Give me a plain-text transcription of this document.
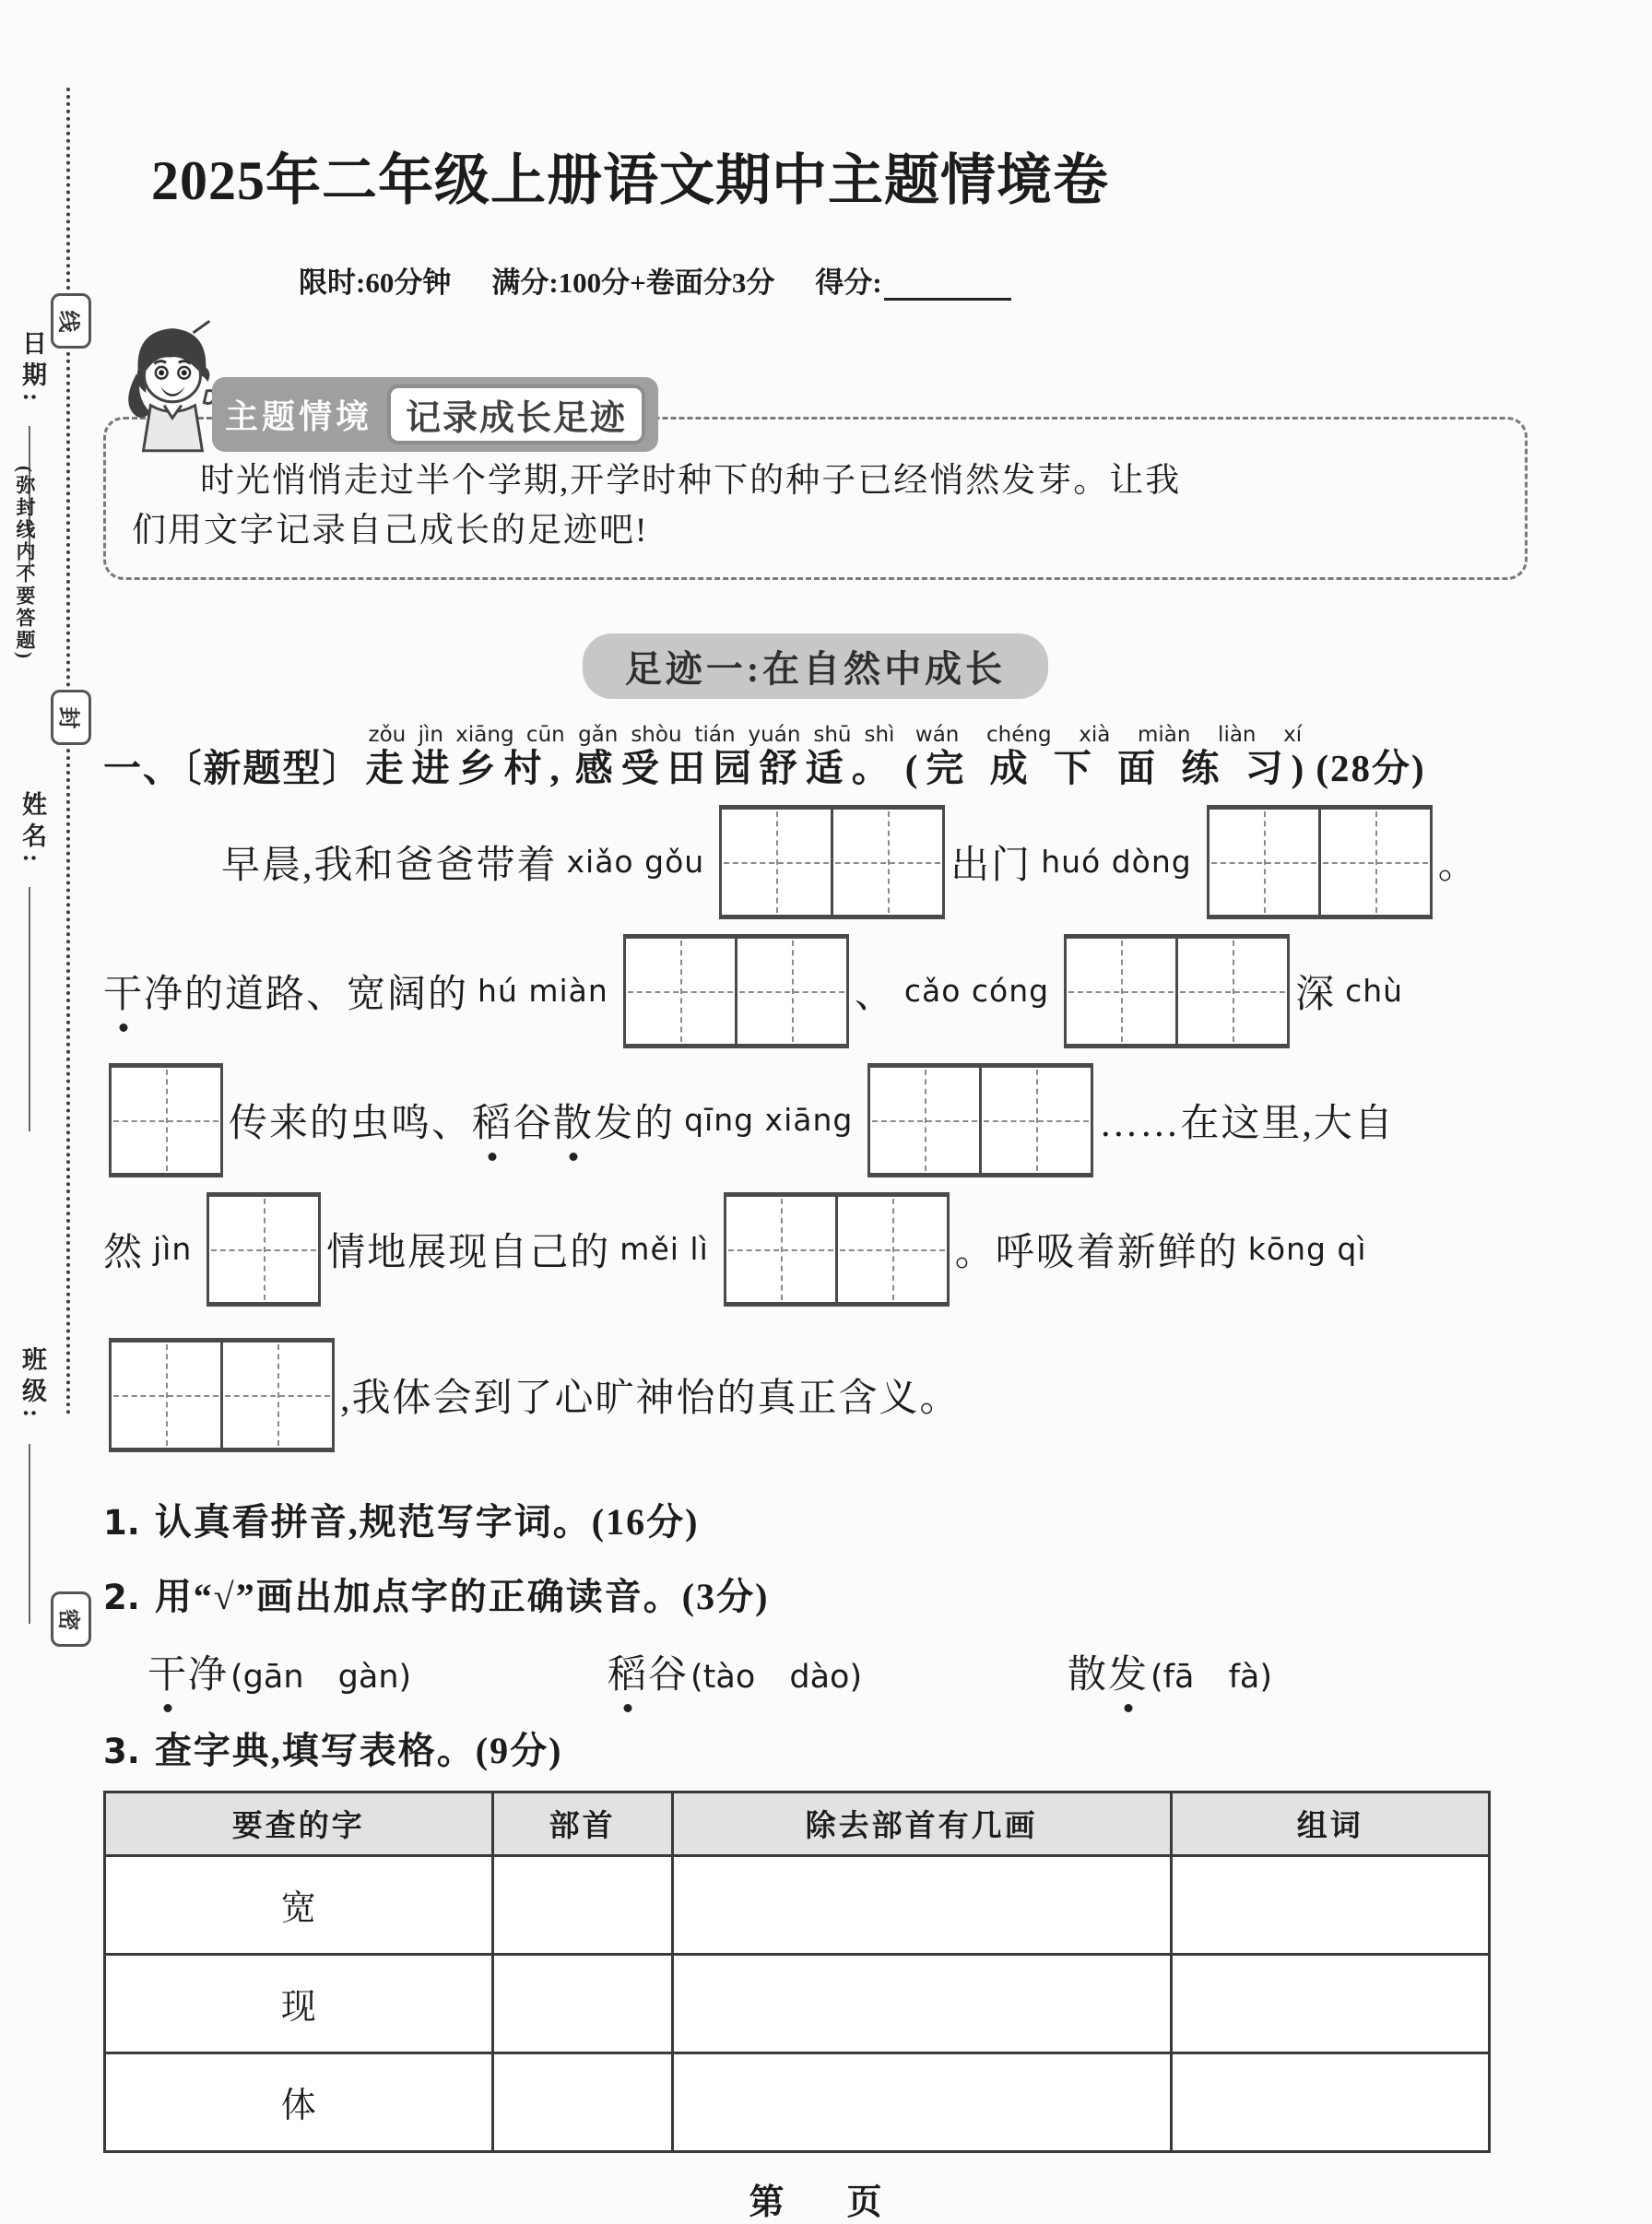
日期:
线
(弥封线内不要答题)
封
姓名:
班级:
密
2025年二年级上册语文期中主题情境卷
限时:60分钟 满分:100分+卷面分3分 得分:
主题情境 记录成长足迹
时光悄悄走过半个学期,开学时种下的种子已经悄然发芽。让我
们用文字记录自己成长的足迹吧!
足迹一:在自然中成长
一、〔新题型〕走进乡村,zǒu jìn xiāng cūn感受田园舒适。gǎn shòu tián yuán shū shì(完 成 下 面 练 习)wán chéng xià miàn liàn xí(28分)
早晨,我和爸爸带着 xiǎo gǒu	出门 huó dòng	。
干 净的道路、宽阔的 hú miàn	、 cǎo cóng	深 chù
传来的虫鸣、 稻 谷 散 发的 qīng xiāng	……在这里,大自
然 jìn	情地展现自己的 měi lì	。呼吸着新鲜的 kōng qì
,我体会到了心旷神怡的真正含义。
1. 认真看拼音,规范写字词。(16分)
2. 用“√”画出加点字的正确读音。(3分)
干 净 (gān gàn)	稻 谷 (tào dào)	散 发 (fā fà)
3. 查字典,填写表格。(9分)
要查的字	部首	除去部首有几画	组词
宽			
现			
体			
第 页
